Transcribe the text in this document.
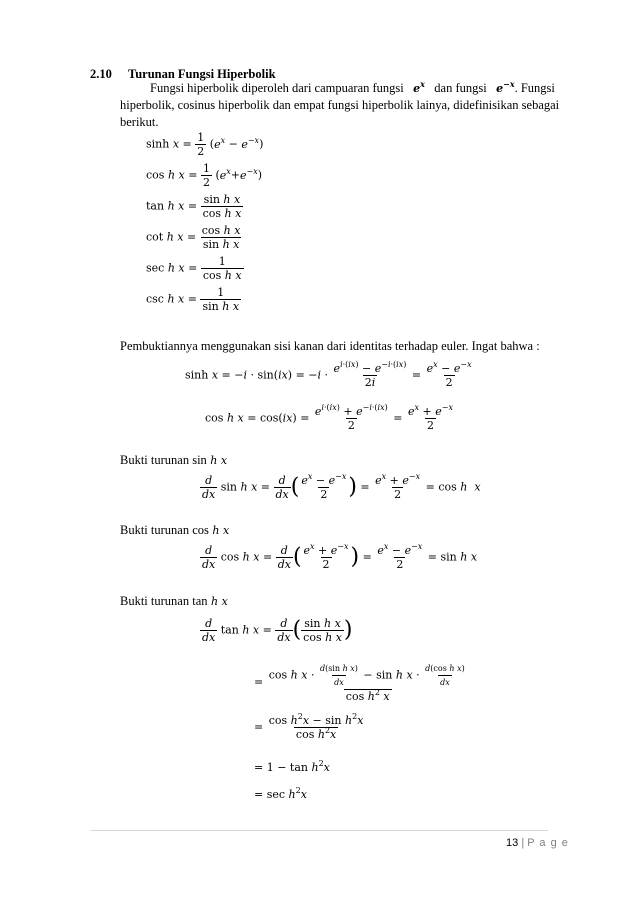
2.10 Turunan Fungsi Hiperbolik
Fungsi hiperbolik diperoleh dari campuaran fungsi $e^x$ dan fungsi $e^{-x}$. Fungsi
hiperbolik, cosinus hiperbolik dan empat fungsi hiperbolik lainya, didefinisikan sebagai
berikut.
$\sinh x = \frac{1}{2} (e^x - e^{-x})$
cos h $x = \frac{1}{2} (e^x+e^{-x})$
tan h $x = \frac{\text{sin h x}}{\text{cos h x}}$
cot h $x = \frac{\text{cos h x}}{\text{sin h x}}$
sec h $x = \frac{1}{\text{cos h x}}$
csc h $x = \frac{1}{\text{sin h x}}$
Pembuktiannya menggunakan sisi kanan dari identitas terhadap euler. Ingat bahwa :
$\sinh x = -i \cdot \sin(ix) = -i \cdot \frac{e^{i\cdot(ix)} - e^{-i\cdot(ix)}}{2i} = \frac{e^x - e^{-x}}{2}$
cos h $x = \cos(ix) = \frac{e^{i\cdot(ix)} + e^{-i\cdot(ix)}}{2} = \frac{e^x + e^{-x}}{2}$
Bukti turunan sin h x
$\frac{d}{dx}$ sin h $x = \frac{d}{dx}$ ( $\frac{e^x - e^{-x}}{2}$ ) = $\frac{e^x + e^{-x}}{2} = \cos h$ x
Bukti turunan cos h x
$\frac{d}{dx}$ cos h $x = \frac{d}{dx}$ ( $\frac{e^x + e^{-x}}{2}$ ) = $\frac{e^x - e^{-x}}{2} = \sin h$ x
Bukti turunan tan h x
$\frac{d}{dx}$ tan h $x = \frac{d}{dx}$ ( $\frac{\text{sin h x}}{\text{cos h x}}$ )
= $\frac{\cos h x \cdot \frac{\text{d(sin h x)}}{dx} - \sin h x \cdot \frac{\text{d(cos h x)}}{dx}}{\cos h^2 x}$
= $\frac{\cos h^2x - \sin h^2x}{\cos h^2x}$
= $1 - \tan h^2x$
= $\sec h^2x$
13 | P a g e
